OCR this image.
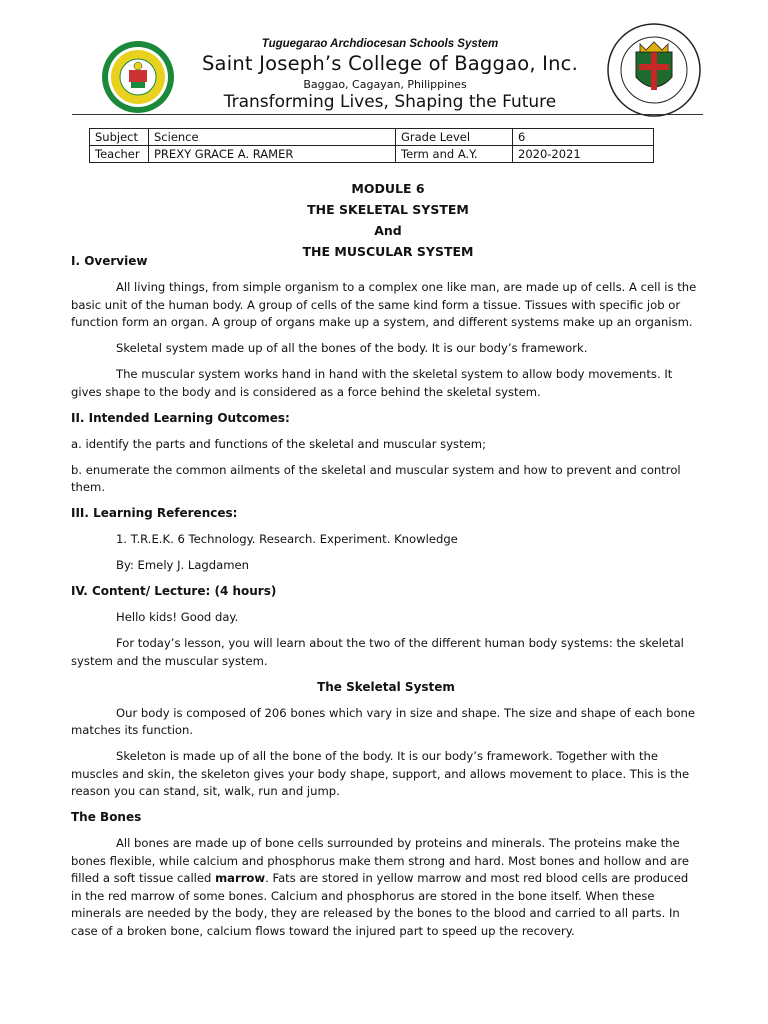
Tuguegarao Archdiocesan Schools System
Saint Joseph’s College of Baggao, Inc.
Baggao, Cagayan, Philippines
Transforming Lives, Shaping the Future
Subject	Science	Grade Level	6
Teacher	PREXY GRACE A. RAMER	Term and A.Y.	2020-2021
MODULE 6
THE SKELETAL SYSTEM
And
THE MUSCULAR SYSTEM

I. Overview

All living things, from simple organism to a complex one like man, are made up of cells. A cell is the basic unit of the human body. A group of cells of the same kind form a tissue. Tissues with specific job or function form an organ. A group of organs make up a system, and different systems make up an organism.

Skeletal system made up of all the bones of the body. It is our body’s framework.

The muscular system works hand in hand with the skeletal system to allow body movements. It gives shape to the body and is considered as a force behind the skeletal system.

II. Intended Learning Outcomes:

a. identify the parts and functions of the skeletal and muscular system;

b. enumerate the common ailments of the skeletal and muscular system and how to prevent and control them.

III. Learning References:

1. T.R.E.K. 6 Technology. Research. Experiment. Knowledge

By: Emely J. Lagdamen

IV. Content/ Lecture: (4 hours)

Hello kids! Good day.

For today’s lesson, you will learn about the two of the different human body systems: the skeletal system and the muscular system.

The Skeletal System

Our body is composed of 206 bones which vary in size and shape. The size and shape of each bone matches its function.

Skeleton is made up of all the bone of the body. It is our body’s framework. Together with the muscles and skin, the skeleton gives your body shape, support, and allows movement to place. This is the reason you can stand, sit, walk, run and jump.

The Bones

All bones are made up of bone cells surrounded by proteins and minerals. The proteins make the bones flexible, while calcium and phosphorus make them strong and hard. Most bones and hollow and are filled a soft tissue called marrow. Fats are stored in yellow marrow and most red blood cells are produced in the red marrow of some bones. Calcium and phosphorus are stored in the bone itself. When these minerals are needed by the body, they are released by the bones to the blood and carried to all parts. In case of a broken bone, calcium flows toward the injured part to speed up the recovery.
